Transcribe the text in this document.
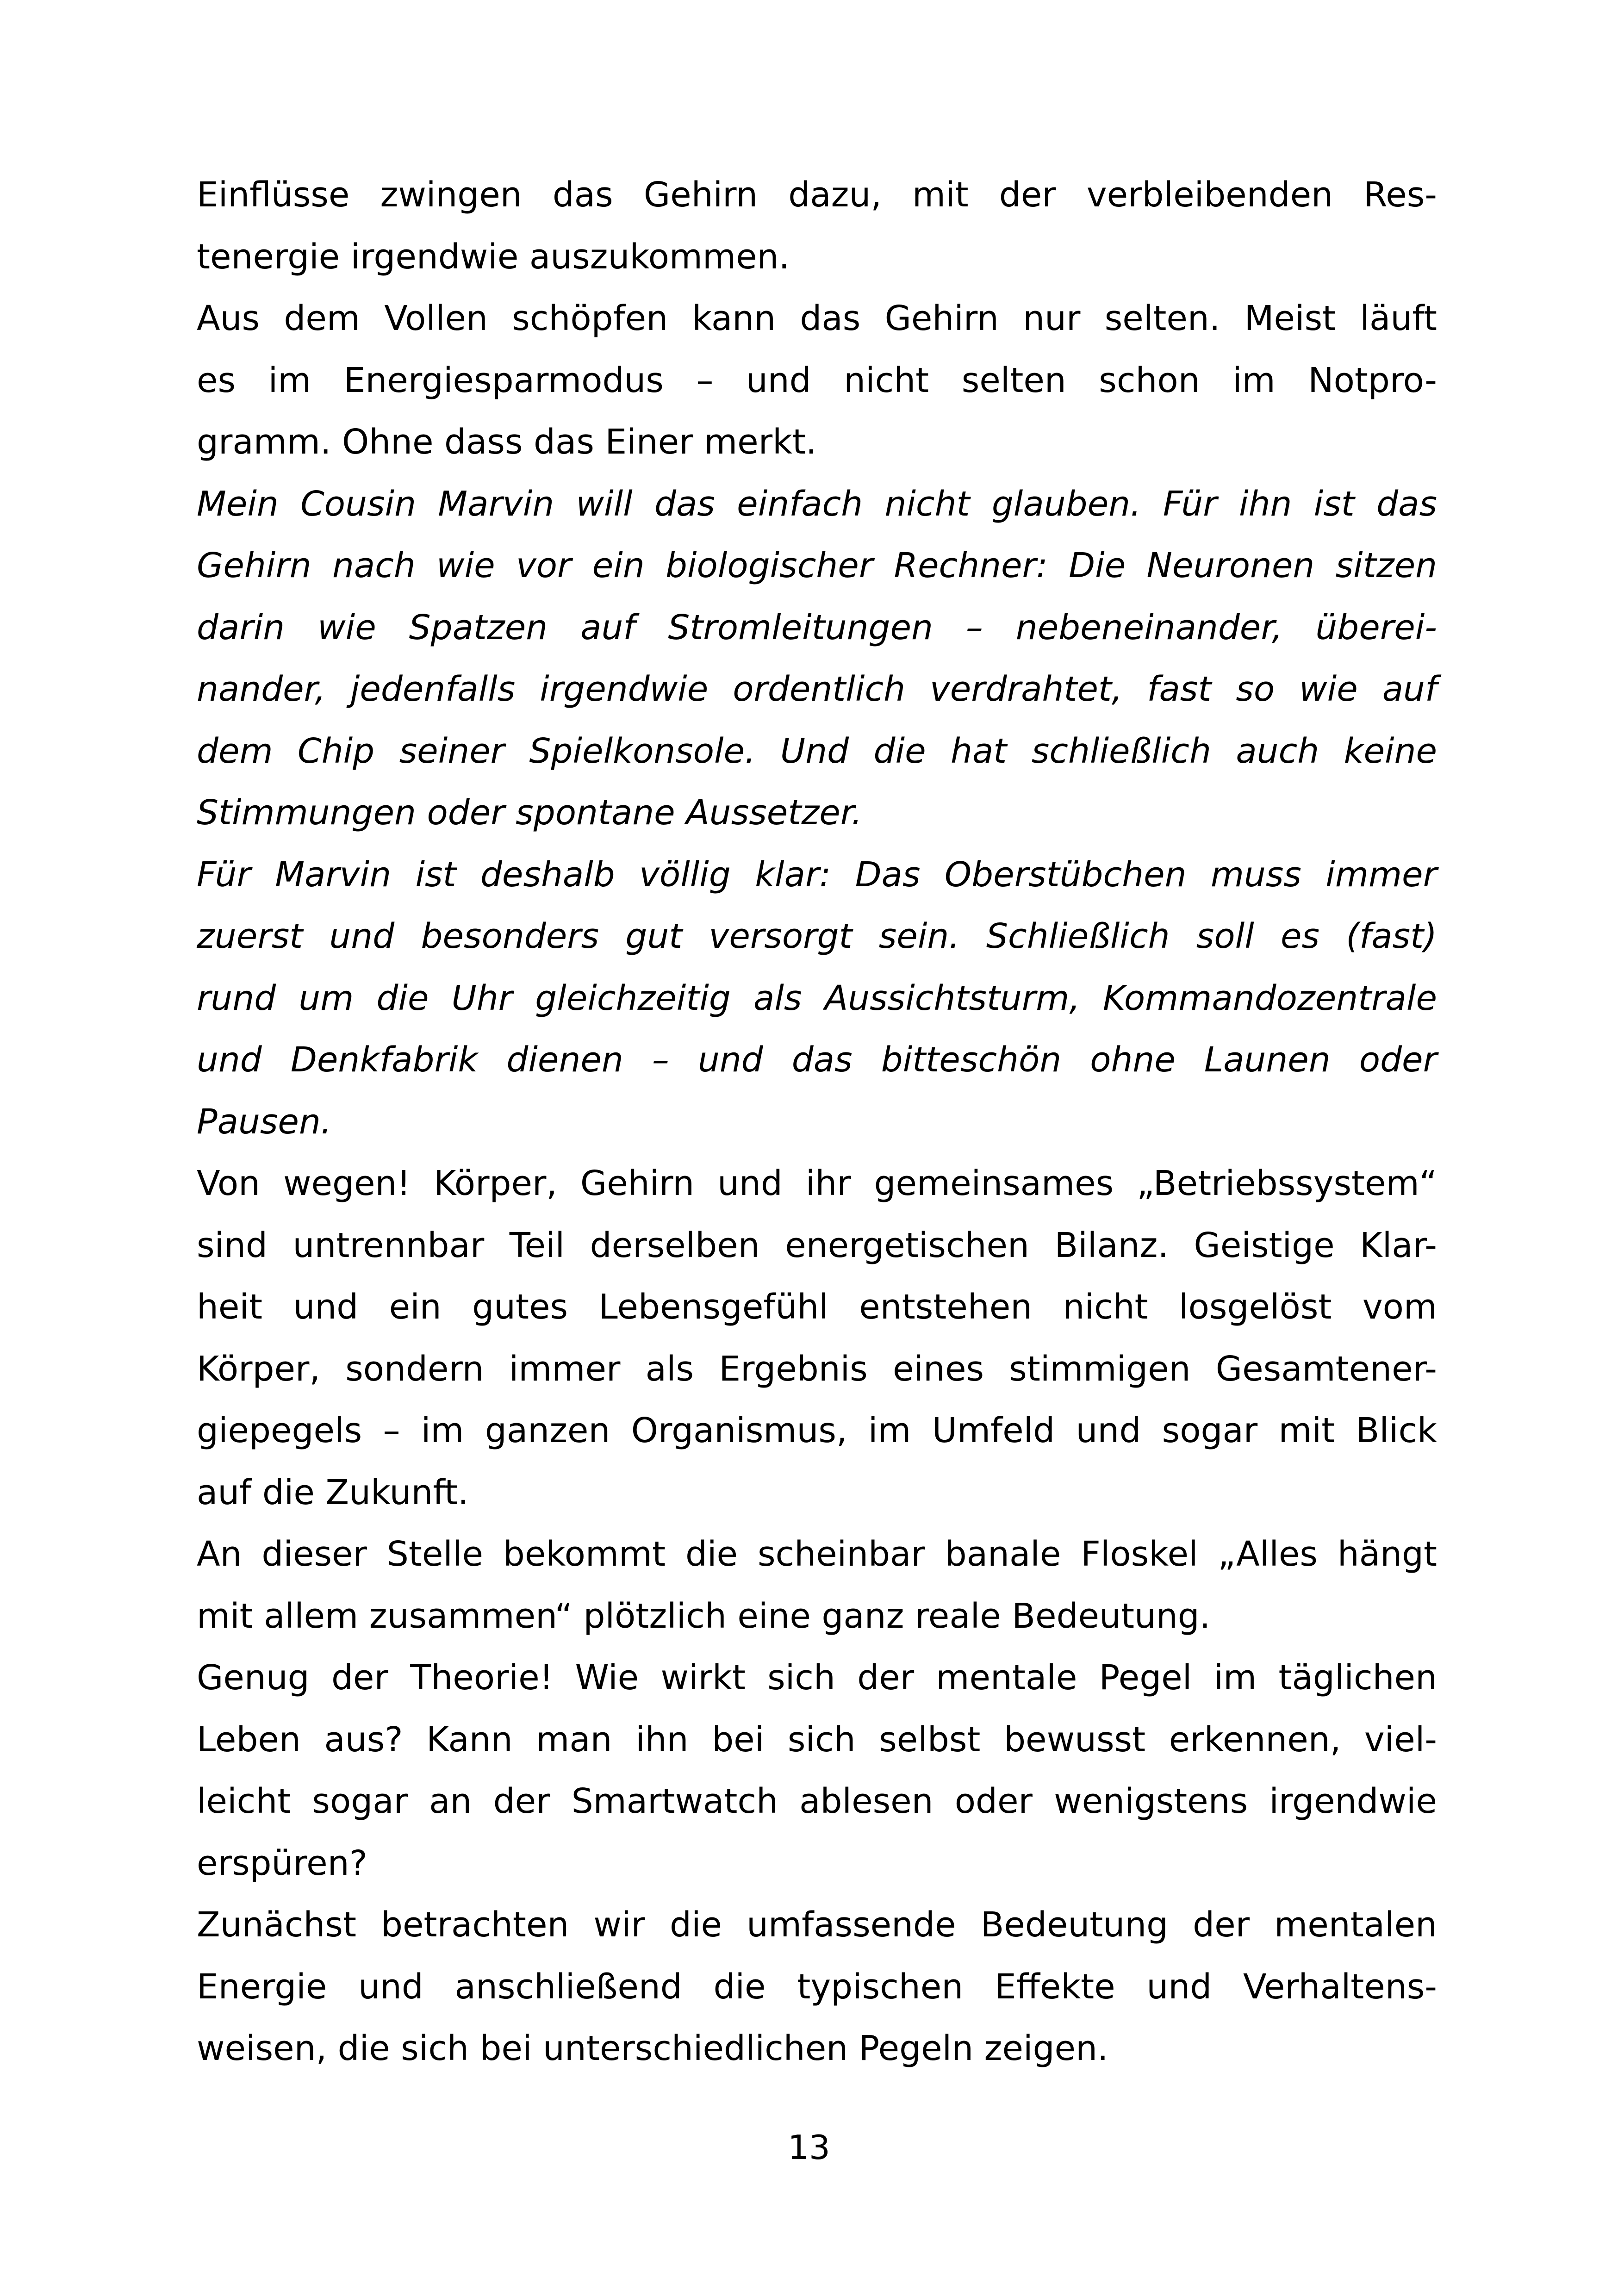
Einflüsse zwingen das Gehirn dazu, mit der verbleibenden Res-
tenergie irgendwie auszukommen.

Aus dem Vollen schöpfen kann das Gehirn nur selten. Meist läuft
es im Energiesparmodus – und nicht selten schon im Notpro-
gramm. Ohne dass das Einer merkt.

Mein Cousin Marvin will das einfach nicht glauben. Für ihn ist das
Gehirn nach wie vor ein biologischer Rechner: Die Neuronen sitzen
darin wie Spatzen auf Stromleitungen – nebeneinander, überei-
nander, jedenfalls irgendwie ordentlich verdrahtet, fast so wie auf
dem Chip seiner Spielkonsole. Und die hat schließlich auch keine
Stimmungen oder spontane Aussetzer.

Für Marvin ist deshalb völlig klar: Das Oberstübchen muss immer
zuerst und besonders gut versorgt sein. Schließlich soll es (fast)
rund um die Uhr gleichzeitig als Aussichtsturm, Kommandozentrale
und Denkfabrik dienen – und das bitteschön ohne Launen oder
Pausen.

Von wegen! Körper, Gehirn und ihr gemeinsames „Betriebssystem“
sind untrennbar Teil derselben energetischen Bilanz. Geistige Klar-
heit und ein gutes Lebensgefühl entstehen nicht losgelöst vom
Körper, sondern immer als Ergebnis eines stimmigen Gesamtener-
giepegels – im ganzen Organismus, im Umfeld und sogar mit Blick
auf die Zukunft.

An dieser Stelle bekommt die scheinbar banale Floskel „Alles hängt
mit allem zusammen“ plötzlich eine ganz reale Bedeutung.

Genug der Theorie! Wie wirkt sich der mentale Pegel im täglichen
Leben aus? Kann man ihn bei sich selbst bewusst erkennen, viel-
leicht sogar an der Smartwatch ablesen oder wenigstens irgendwie
erspüren?

Zunächst betrachten wir die umfassende Bedeutung der mentalen
Energie und anschließend die typischen Effekte und Verhaltens-
weisen, die sich bei unterschiedlichen Pegeln zeigen.

13
